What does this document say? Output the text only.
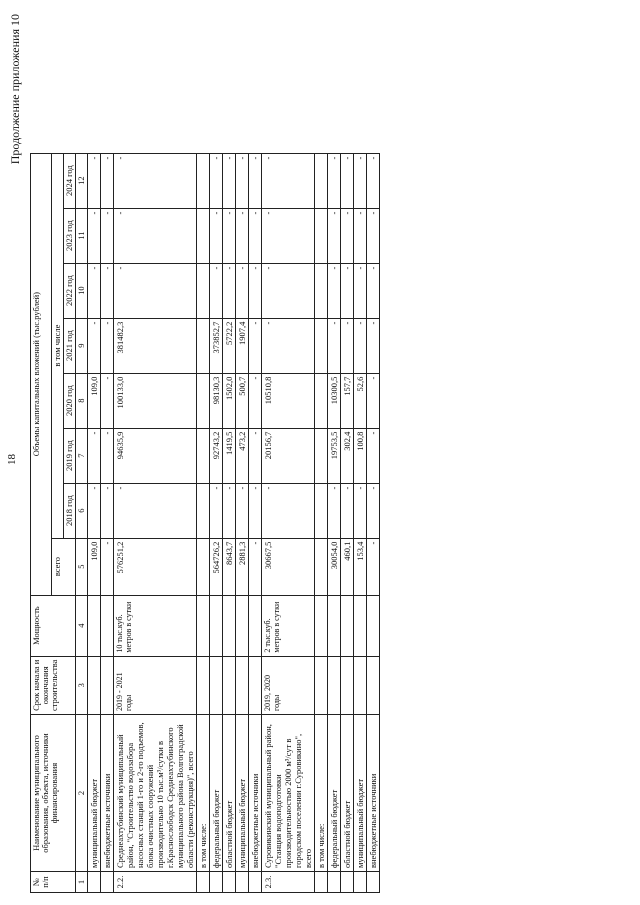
18
Продолжение приложения 10
№ п/п	Наименование муниципального образования, объекта, источники финансирования	Срок начала и окончания строительства	Мощность	Объемы капитальных вложений (тыс.рублей)							
				всего	в том числе						
					2018 год	2019 год	2020 год	2021 год	2022 год	2023 год	2024 год
1	2	3	4	5	6	7	8	9	10	11	12
	муниципальный бюджет			109,0	-	-	109,0	-	-	-	-
	внебюджетные источники			-	-	-	-	-	-	-	-
2.2.	Среднеахтубинский муниципальный район, "Строительство водозабора насосных станций 1-го и 2-го подъемов, блока очистных сооружений производительно 10 тыс.м³/сутки в г.Краснослободск Среднеахтубинского муниципального района Волгоградской области (реконструкция)", всего	2019 - 2021 годы	10 тыс.куб. метров в сутки	576251,2	-	94635,9	100133,0	381482,3	-	-	-
	в том числе:										
	федеральный бюджет			564726,2	-	92743,2	98130,3	373852,7	-	-	-
	областной бюджет			8643,7	-	1419,5	1502,0	5722,2	-	-	-
	муниципальный бюджет			2881,3	-	473,2	500,7	1907,4	-	-	-
	внебюджетные источники			-	-	-	-	-	-	-	-
2.3.	Суровикинский муниципальный район, "Станция водоподготовки производительностью 2000 м³/сут в городском поселении г.Суровикино", всего	2019, 2020 годы	2 тыс.куб. метров в сутки	30667,5	-	20156,7	10510,8	-	-	-	-
	в том числе:										
	федеральный бюджет			30054,0	-	19753,5	10300,5	-	-	-	-
	областной бюджет			460,1	-	302,4	157,7	-	-	-	-
	муниципальный бюджет			153,4	-	100,8	52,6	-	-	-	-
	внебюджетные источники			-	-	-	-	-	-	-	-
